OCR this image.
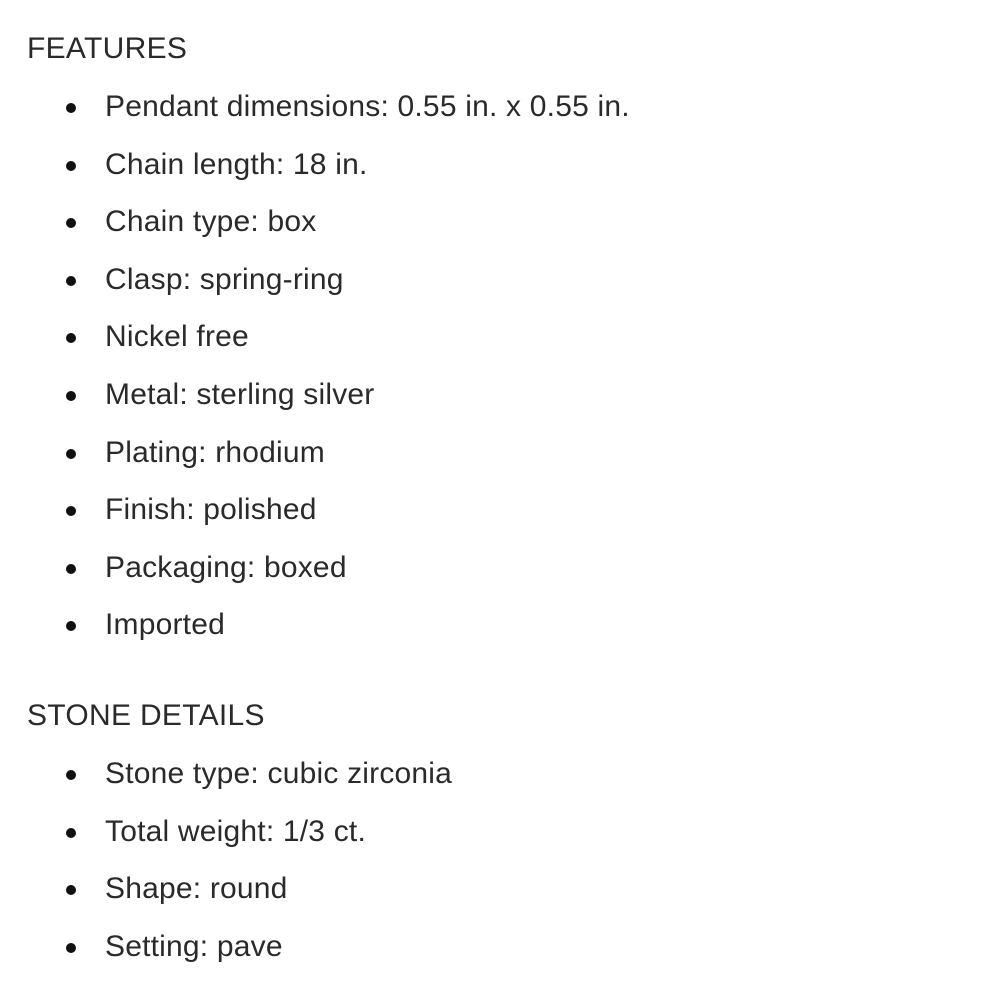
FEATURES
Pendant dimensions: 0.55 in. x 0.55 in.
Chain length: 18 in.
Chain type: box
Clasp: spring-ring
Nickel free
Metal: sterling silver
Plating: rhodium
Finish: polished
Packaging: boxed
Imported
STONE DETAILS
Stone type: cubic zirconia
Total weight: 1/3 ct.
Shape: round
Setting: pave
